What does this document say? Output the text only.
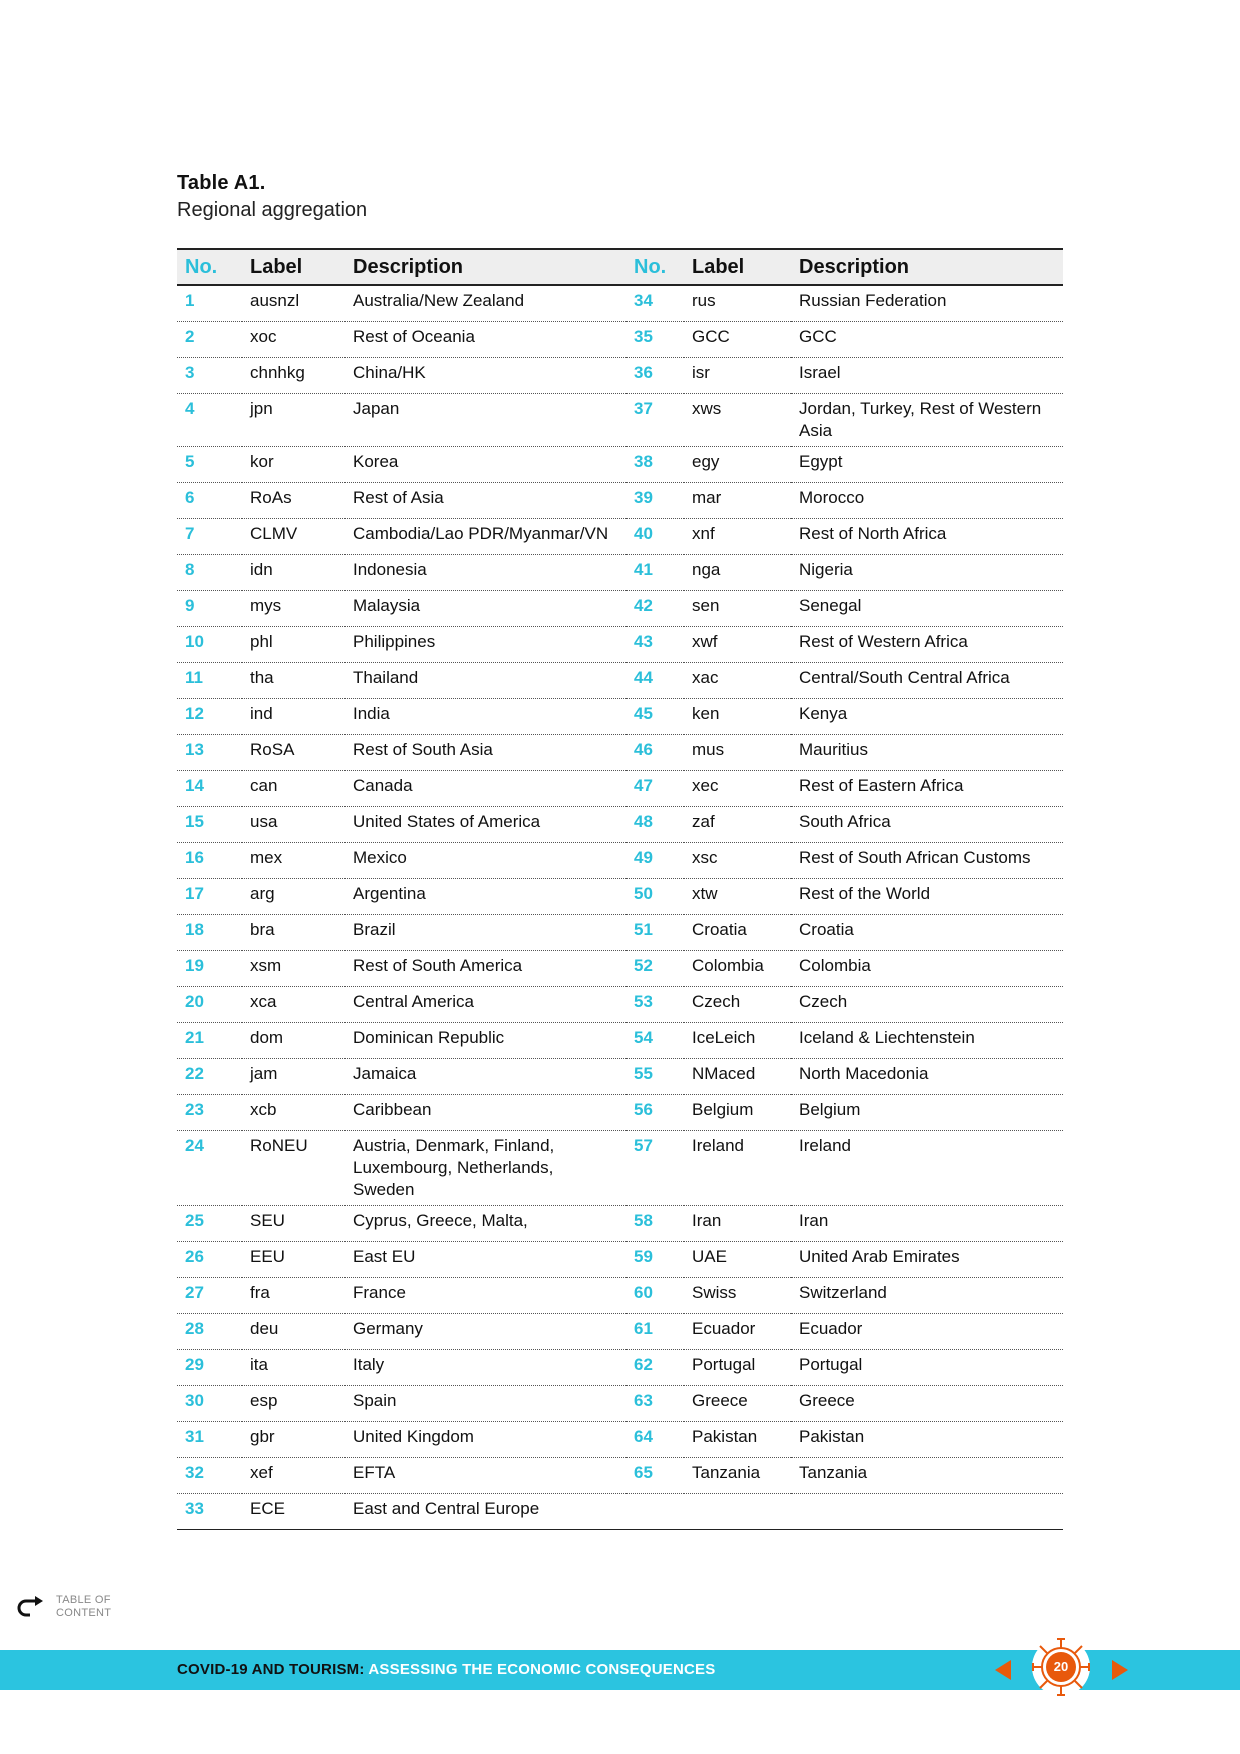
Table A1.
Regional aggregation
No.	Label	Description	No.	Label	Description
1	ausnzl	Australia/New Zealand	34	rus	Russian Federation
2	xoc	Rest of Oceania	35	GCC	GCC
3	chnhkg	China/HK	36	isr	Israel
4	jpn	Japan	37	xws	Jordan, Turkey, Rest of Western Asia
5	kor	Korea	38	egy	Egypt
6	RoAs	Rest of Asia	39	mar	Morocco
7	CLMV	Cambodia/Lao PDR/Myanmar/VN	40	xnf	Rest of North Africa
8	idn	Indonesia	41	nga	Nigeria
9	mys	Malaysia	42	sen	Senegal
10	phl	Philippines	43	xwf	Rest of Western Africa
11	tha	Thailand	44	xac	Central/South Central Africa
12	ind	India	45	ken	Kenya
13	RoSA	Rest of South Asia	46	mus	Mauritius
14	can	Canada	47	xec	Rest of Eastern Africa
15	usa	United States of America	48	zaf	South Africa
16	mex	Mexico	49	xsc	Rest of South African Customs
17	arg	Argentina	50	xtw	Rest of the World
18	bra	Brazil	51	Croatia	Croatia
19	xsm	Rest of South America	52	Colombia	Colombia
20	xca	Central America	53	Czech	Czech
21	dom	Dominican Republic	54	IceLeich	Iceland & Liechtenstein
22	jam	Jamaica	55	NMaced	North Macedonia
23	xcb	Caribbean	56	Belgium	Belgium
24	RoNEU	Austria, Denmark, Finland, Luxembourg, Netherlands, Sweden	57	Ireland	Ireland
25	SEU	Cyprus, Greece, Malta,	58	Iran	Iran
26	EEU	East EU	59	UAE	United Arab Emirates
27	fra	France	60	Swiss	Switzerland
28	deu	Germany	61	Ecuador	Ecuador
29	ita	Italy	62	Portugal	Portugal
30	esp	Spain	63	Greece	Greece
31	gbr	United Kingdom	64	Pakistan	Pakistan
32	xef	EFTA	65	Tanzania	Tanzania
33	ECE	East and Central Europe			
TABLE OF
CONTENT
COVID-19 AND TOURISM: ASSESSING THE ECONOMIC CONSEQUENCES	20
